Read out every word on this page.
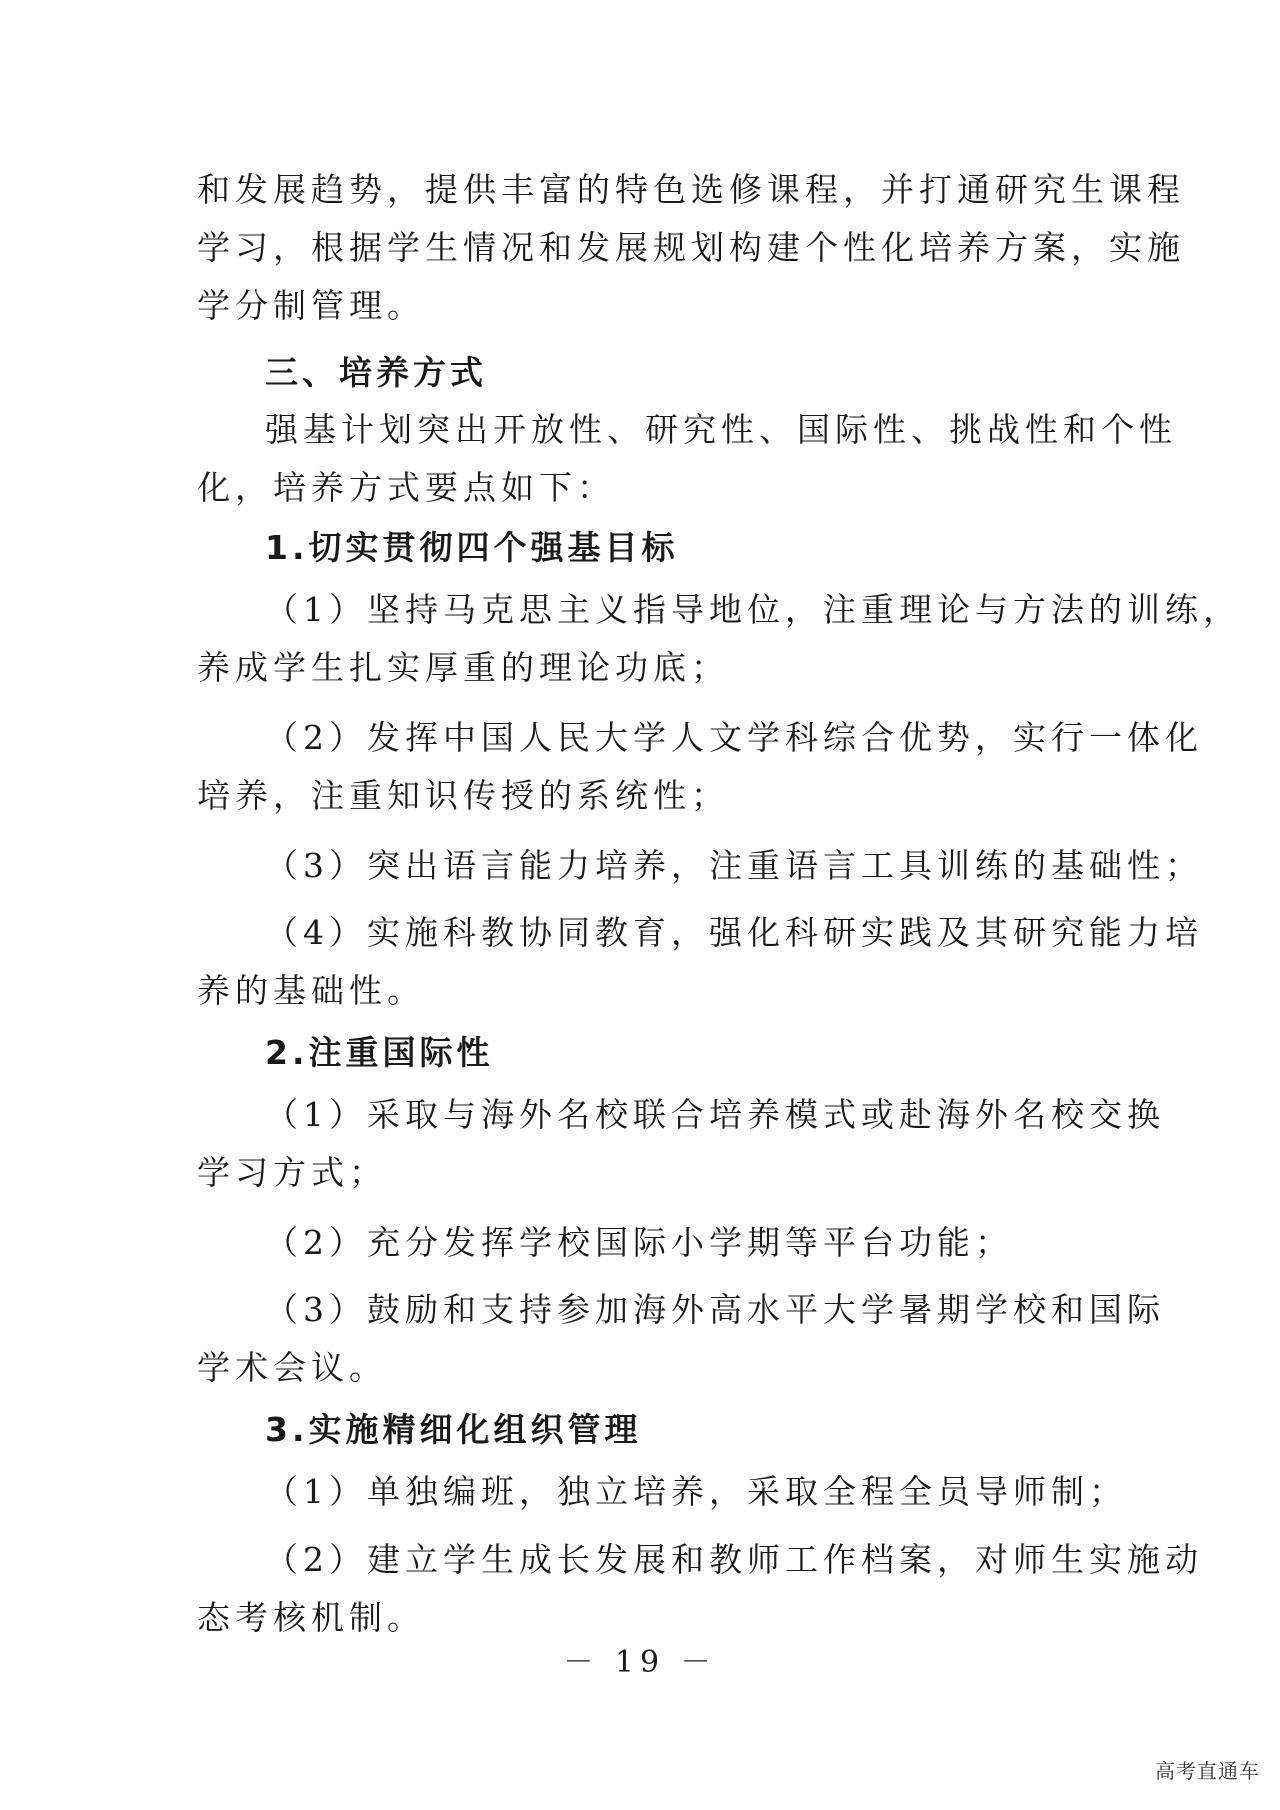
和发展趋势，提供丰富的特色选修课程，并打通研究生课程
学习，根据学生情况和发展规划构建个性化培养方案，实施
学分制管理。
三、培养方式
强基计划突出开放性、研究性、国际性、挑战性和个性
化，培养方式要点如下：
1.切实贯彻四个强基目标
（1）坚持马克思主义指导地位，注重理论与方法的训练，
养成学生扎实厚重的理论功底；
（2）发挥中国人民大学人文学科综合优势，实行一体化
培养，注重知识传授的系统性；
（3）突出语言能力培养，注重语言工具训练的基础性；
（4）实施科教协同教育，强化科研实践及其研究能力培
养的基础性。
2.注重国际性
（1）采取与海外名校联合培养模式或赴海外名校交换
学习方式；
（2）充分发挥学校国际小学期等平台功能；
（3）鼓励和支持参加海外高水平大学暑期学校和国际
学术会议。
3.实施精细化组织管理
（1）单独编班，独立培养，采取全程全员导师制；
（2）建立学生成长发展和教师工作档案，对师生实施动
态考核机制。
－ 19 －
高考直通车
